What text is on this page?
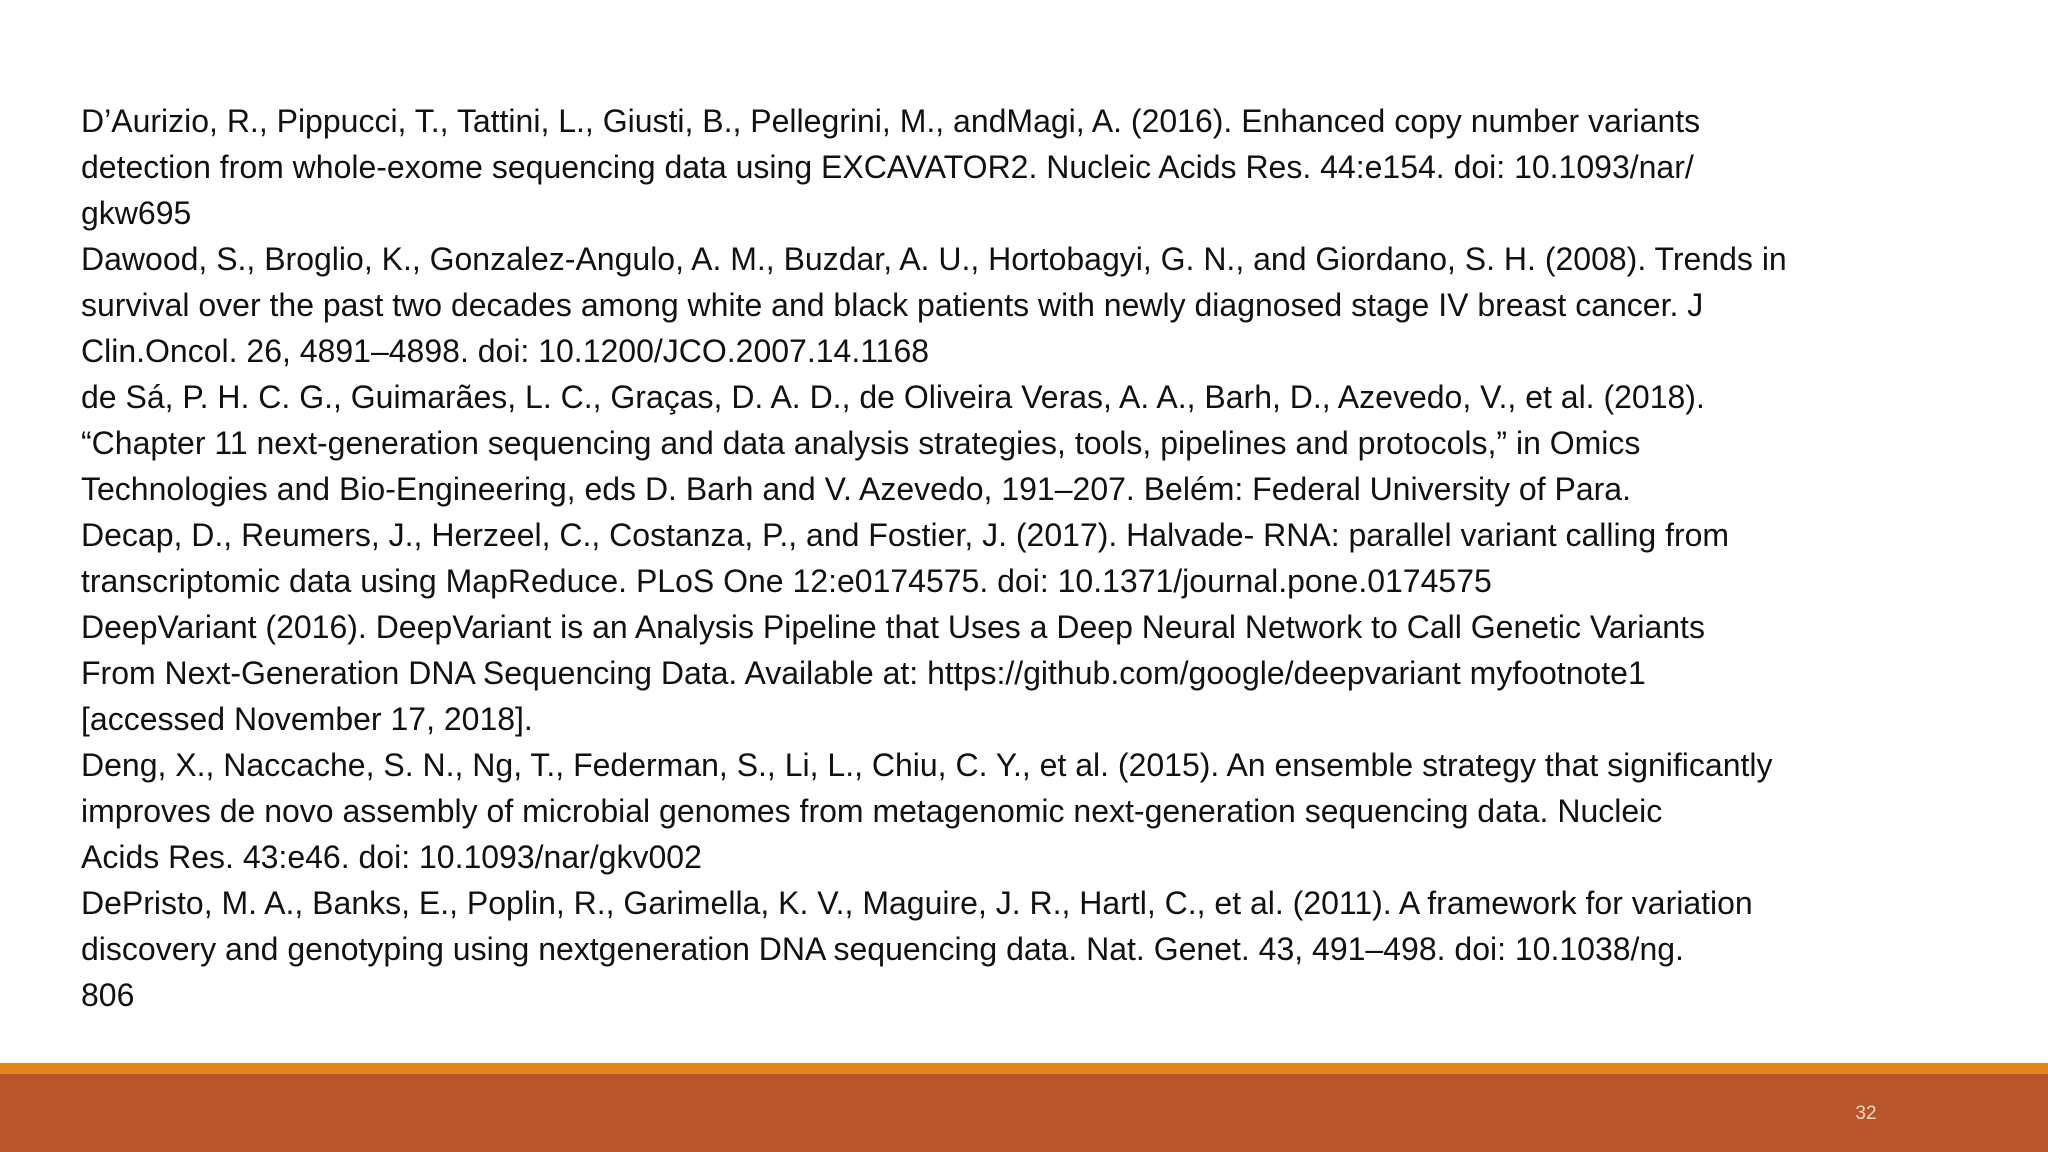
D’Aurizio, R., Pippucci, T., Tattini, L., Giusti, B., Pellegrini, M., andMagi, A. (2016). Enhanced copy number variants
detection from whole-exome sequencing data using EXCAVATOR2. Nucleic Acids Res. 44:e154. doi: 10.1093/nar/
gkw695
Dawood, S., Broglio, K., Gonzalez-Angulo, A. M., Buzdar, A. U., Hortobagyi, G. N., and Giordano, S. H. (2008). Trends in
survival over the past two decades among white and black patients with newly diagnosed stage IV breast cancer. J
Clin.Oncol. 26, 4891–4898. doi: 10.1200/JCO.2007.14.1168
de Sá, P. H. C. G., Guimarães, L. C., Graças, D. A. D., de Oliveira Veras, A. A., Barh, D., Azevedo, V., et al. (2018).
“Chapter 11 next-generation sequencing and data analysis strategies, tools, pipelines and protocols,” in Omics
Technologies and Bio-Engineering, eds D. Barh and V. Azevedo, 191–207. Belém: Federal University of Para.
Decap, D., Reumers, J., Herzeel, C., Costanza, P., and Fostier, J. (2017). Halvade- RNA: parallel variant calling from
transcriptomic data using MapReduce. PLoS One 12:e0174575. doi: 10.1371/journal.pone.0174575
DeepVariant (2016). DeepVariant is an Analysis Pipeline that Uses a Deep Neural Network to Call Genetic Variants
From Next-Generation DNA Sequencing Data. Available at: https://github.com/google/deepvariant myfootnote1
[accessed November 17, 2018].
Deng, X., Naccache, S. N., Ng, T., Federman, S., Li, L., Chiu, C. Y., et al. (2015). An ensemble strategy that significantly
improves de novo assembly of microbial genomes from metagenomic next-generation sequencing data. Nucleic
Acids Res. 43:e46. doi: 10.1093/nar/gkv002
DePristo, M. A., Banks, E., Poplin, R., Garimella, K. V., Maguire, J. R., Hartl, C., et al. (2011). A framework for variation
discovery and genotyping using nextgeneration DNA sequencing data. Nat. Genet. 43, 491–498. doi: 10.1038/ng.
806
32
